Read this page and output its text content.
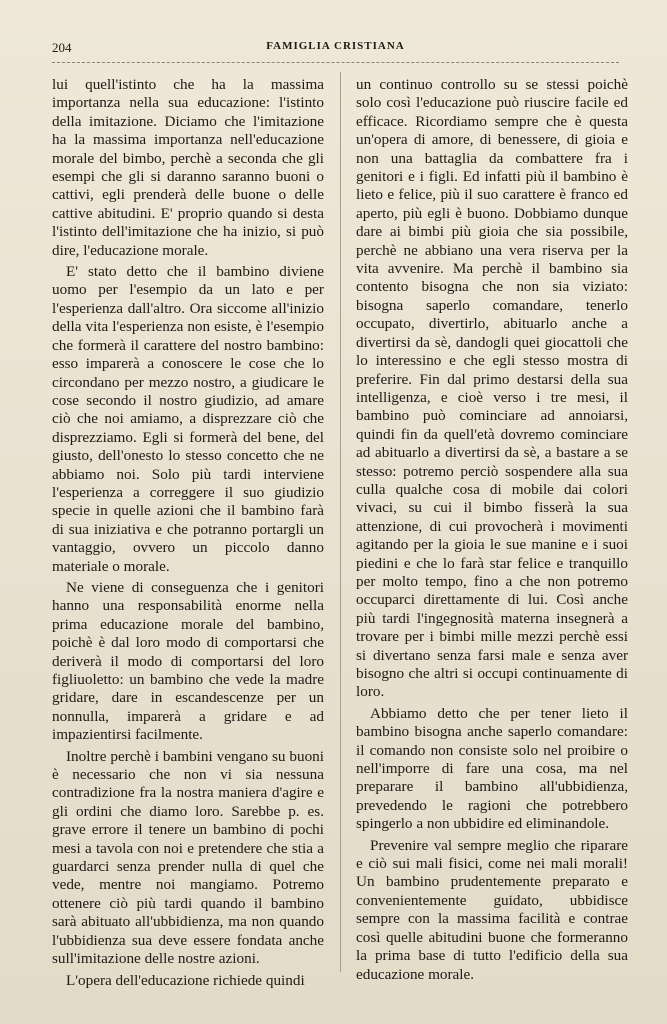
204	FAMIGLIA CRISTIANA

lui quell'istinto che ha la massima importanza nella sua educazione: l'istinto della imitazione. Diciamo che l'imitazione ha la massima importanza nell'educazione morale del bimbo, perchè a seconda che gli esempi che gli si daranno saranno buoni o cattivi, egli prenderà delle buone o delle cattive abitudini. E' proprio quando si desta l'istinto dell'imitazione che ha inizio, si può dire, l'educazione morale.

E' stato detto che il bambino diviene uomo per l'esempio da un lato e per l'esperienza dall'altro. Ora siccome all'inizio della vita l'esperienza non esiste, è l'esempio che formerà il carattere del nostro bambino: esso imparerà a conoscere le cose che lo circondano per mezzo nostro, a giudicare le cose secondo il nostro giudizio, ad amare ciò che noi amiamo, a disprezzare ciò che disprezziamo. Egli si formerà del bene, del giusto, dell'onesto lo stesso concetto che ne abbiamo noi. Solo più tardi interviene l'esperienza a correggere il suo giudizio specie in quelle azioni che il bambino farà di sua iniziativa e che potranno portargli un vantaggio, ovvero un piccolo danno materiale o morale.

Ne viene di conseguenza che i genitori hanno una responsabilità enorme nella prima educazione morale del bambino, poichè è dal loro modo di comportarsi che deriverà il modo di comportarsi del loro figliuoletto: un bambino che vede la madre gridare, dare in escandescenze per un nonnulla, imparerà a gridare e ad impazientirsi facilmente.

Inoltre perchè i bambini vengano su buoni è necessario che non vi sia nessuna contradizione fra la nostra maniera d'agire e gli ordini che diamo loro. Sarebbe p. es. grave errore il tenere un bambino di pochi mesi a tavola con noi e pretendere che stia a guardarci senza prender nulla di quel che vede, mentre noi mangiamo. Potremo ottenere ciò più tardi quando il bambino sarà abituato all'ubbidienza, ma non quando l'ubbidienza sua deve essere fondata anche sull'imitazione delle nostre azioni.

L'opera dell'educazione richiede quindi

un continuo controllo su se stessi poichè solo così l'educazione può riuscire facile ed efficace. Ricordiamo sempre che è questa un'opera di amore, di benessere, di gioia e non una battaglia da combattere fra i genitori e i figli. Ed infatti più il bambino è lieto e felice, più il suo carattere è franco ed aperto, più egli è buono. Dobbiamo dunque dare ai bimbi più gioia che sia possibile, perchè ne abbiano una vera riserva per la vita avvenire. Ma perchè il bambino sia contento bisogna che non sia viziato: bisogna saperlo comandare, tenerlo occupato, divertirlo, abituarlo anche a divertirsi da sè, dandogli quei giocattoli che lo interessino e che egli stesso mostra di preferire. Fin dal primo destarsi della sua intelligenza, e cioè verso i tre mesi, il bambino può cominciare ad annoiarsi, quindi fin da quell'età dovremo cominciare ad abituarlo a divertirsi da sè, a bastare a se stesso: potremo perciò sospendere alla sua culla qualche cosa di mobile dai colori vivaci, su cui il bimbo fisserà la sua attenzione, di cui provocherà i movimenti agitando per la gioia le sue manine e i suoi piedini e che lo farà star felice e tranquillo per molto tempo, fino a che non potremo occuparci direttamente di lui. Così anche più tardi l'ingegnosità materna insegnerà a trovare per i bimbi mille mezzi perchè essi si divertano senza farsi male e senza aver bisogno che altri si occupi continuamente di loro.

Abbiamo detto che per tener lieto il bambino bisogna anche saperlo comandare: il comando non consiste solo nel proibire o nell'imporre di fare una cosa, ma nel preparare il bambino all'ubbidienza, prevedendo le ragioni che potrebbero spingerlo a non ubbidire ed eliminandole.

Prevenire val sempre meglio che riparare e ciò sui mali fisici, come nei mali morali! Un bambino prudentemente preparato e convenientemente guidato, ubbidisce sempre con la massima facilità e contrae così quelle abitudini buone che formeranno la prima base di tutto l'edificio della sua educazione morale.
